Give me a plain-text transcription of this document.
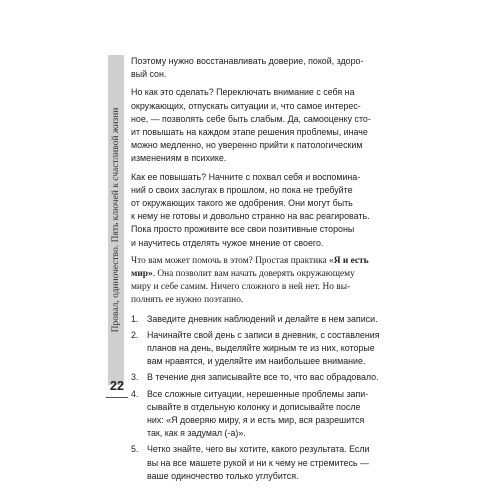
Провал, одиночество. Пять ключей к счастливой жизни
22

Поэтому нужно восстанавливать доверие, покой, здоро-
вый сон.

Но как это сделать? Переключать внимание с себя на
окружающих, отпускать ситуации и, что самое интерес-
ное, — позволять себе быть слабым. Да, самооценку сто-
ит повышать на каждом этапе решения проблемы, иначе
можно медленно, но уверенно прийти к патологическим
изменениям в психике.

Как ее повышать? Начните с похвал себя и воспомина-
ний о своих заслугах в прошлом, но пока не требуйте
от окружающих такого же одобрения. Они могут быть
к нему не готовы и довольно странно на вас реагировать.
Пока просто проживите все свои позитивные стороны
и научитесь отделять чужое мнение от своего.

Что вам может помочь в этом? Простая практика «Я и есть
мир». Она позволит вам начать доверять окружающему
миру и себе самим. Ничего сложного в ней нет. Но вы-
полнять ее нужно поэтапно.

1. Заведите дневник наблюдений и делайте в нем записи.
2. Начинайте свой день с записи в дневник, с составления
планов на день, выделяйте жирным те из них, которые
вам нравятся, и уделяйте им наибольшее внимание.
3. В течение дня записывайте все то, что вас обрадовало.
4. Все сложные ситуации, нерешенные проблемы запи-
сывайте в отдельную колонку и дописывайте после
них: «Я доверяю миру, я и есть мир, вся разрешится
так, как я задумал (-а)».
5. Четко знайте, чего вы хотите, какого результата. Если
вы на все машете рукой и ни к чему не стремитесь —
ваше одиночество только углубится.
